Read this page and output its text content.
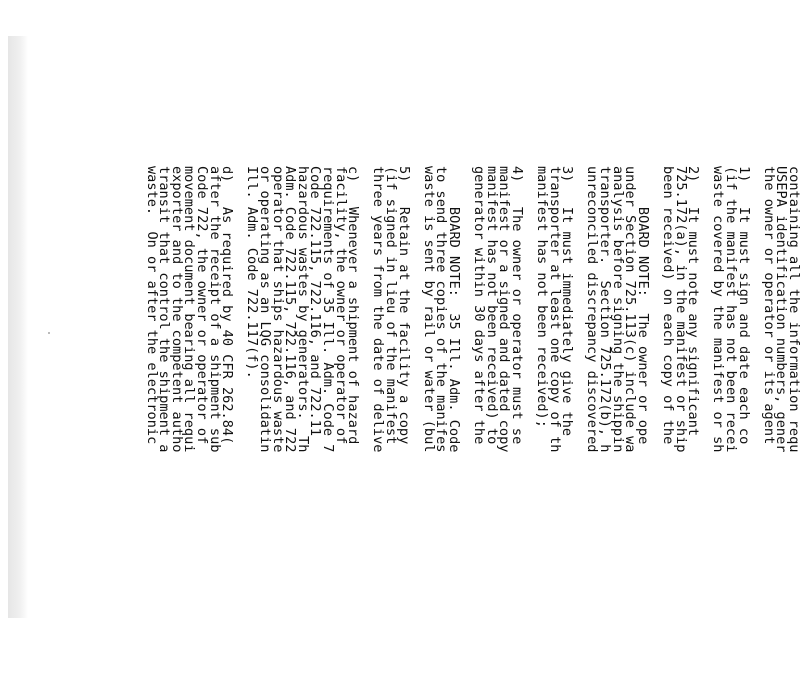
containing all the information requ
USEPA identification numbers, gener
the owner or operator or its agent
1)   It must sign and date each co
(if the manifest has not been recei
waste covered by the manifest or sh
2)   It must note any significant
725.172(a), in the manifest or ship
been received) on each copy of the
BOARD NOTE:  The owner or ope
under Section 725.113(c) include wa
analysis before signing the shippin
transporter.  Section 725.172(b), h
unreconciled discrepancy discovered
3)   It must immediately give the
transporter at least one copy of th
manifest has not been received);
4)   The owner or operator must se
manifest or a signed and dated copy
manifest has not been received) to
generator within 30 days after the
BOARD NOTE:  35 Ill. Adm. Code
to send three copies of the manifes
waste is sent by rail or water (bul
5)   Retain at the facility a copy
(if signed in lieu of the manifest
three years from the date of delive
c)   Whenever a shipment of hazard
facility, the owner or operator of
requirements of 35 Ill. Adm. Code 7
Code 722.115, 722.116, and 722.11
hazardous wastes by generators.  Th
Adm. Code 722.115, 722.116, and 722
operator that ships hazardous waste
or operating as an LQG consolidatin
Ill. Adm. Code 722.117(f).
d)   As required by 40 CFR 262.84(
after the receipt of a shipment sub
Code 722, the owner or operator of
movement document bearing all requi
exporter and to the competent autho
transit that control the shipment a
waste.  On or after the electronic
